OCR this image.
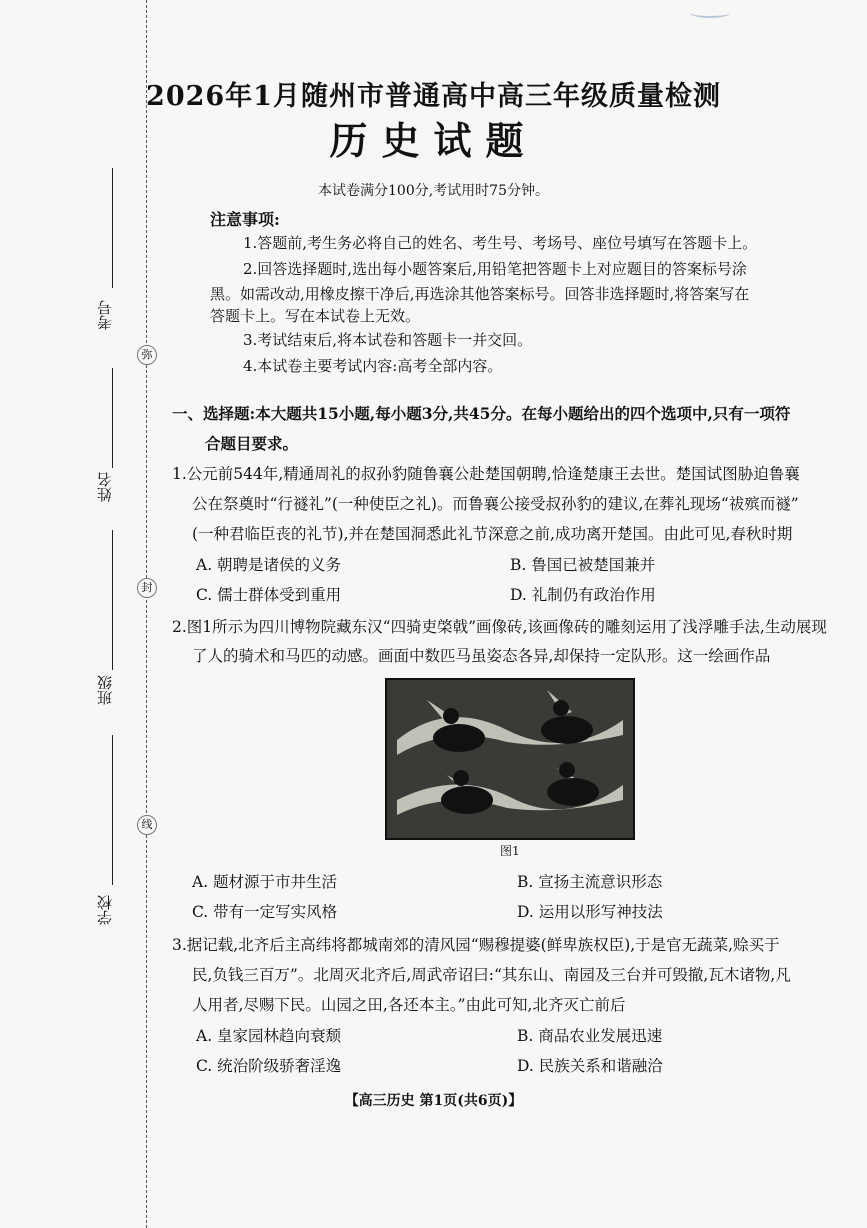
考号
姓名
班级
学校
弥
封
线
2026年1月随州市普通高中高三年级质量检测
历史试题
本试卷满分100分,考试用时75分钟。
注意事项:
1.答题前,考生务必将自己的姓名、考生号、考场号、座位号填写在答题卡上。
2.回答选择题时,选出每小题答案后,用铅笔把答题卡上对应题目的答案标号涂
黑。如需改动,用橡皮擦干净后,再选涂其他答案标号。回答非选择题时,将答案写在
答题卡上。写在本试卷上无效。
3.考试结束后,将本试卷和答题卡一并交回。
4.本试卷主要考试内容:高考全部内容。
一、选择题:本大题共15小题,每小题3分,共45分。在每小题给出的四个选项中,只有一项符
合题目要求。
1.公元前544年,精通周礼的叔孙豹随鲁襄公赴楚国朝聘,恰逢楚康王去世。楚国试图胁迫鲁襄
公在祭奠时“行禭礼”(一种使臣之礼)。而鲁襄公接受叔孙豹的建议,在葬礼现场“祓殡而禭”
(一种君临臣丧的礼节),并在楚国洞悉此礼节深意之前,成功离开楚国。由此可见,春秋时期
A. 朝聘是诸侯的义务	B. 鲁国已被楚国兼并
C. 儒士群体受到重用	D. 礼制仍有政治作用
2.图1所示为四川博物院藏东汉“四骑吏棨戟”画像砖,该画像砖的雕刻运用了浅浮雕手法,生动展现
了人的骑术和马匹的动感。画面中数匹马虽姿态各异,却保持一定队形。这一绘画作品
图1
A. 题材源于市井生活	B. 宣扬主流意识形态
C. 带有一定写实风格	D. 运用以形写神技法
3.据记载,北齐后主高纬将都城南郊的清风园“赐穆提婆(鲜卑族权臣),于是官无蔬菜,赊买于
民,负钱三百万”。北周灭北齐后,周武帝诏曰:“其东山、南园及三台并可毁撤,瓦木诸物,凡
人用者,尽赐下民。山园之田,各还本主。”由此可知,北齐灭亡前后
A. 皇家园林趋向衰颓	B. 商品农业发展迅速
C. 统治阶级骄奢淫逸	D. 民族关系和谐融洽
【高三历史 第1页(共6页)】
